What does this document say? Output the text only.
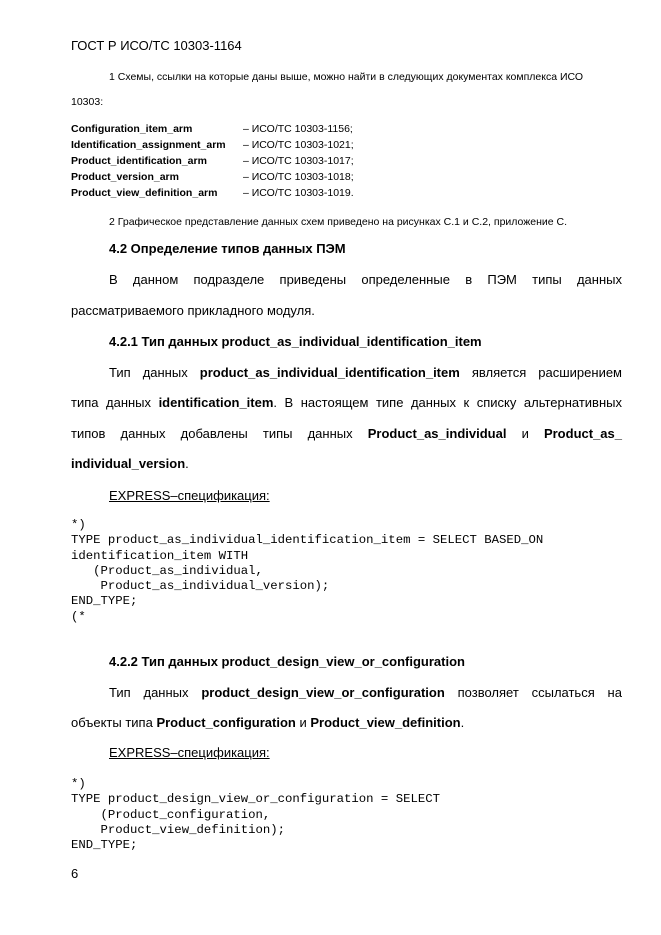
ГОСТ Р ИСО/ТС 10303-1164
1 Схемы, ссылки на которые даны выше, можно найти в следующих документах комплекса ИСО
10303:
Configuration_item_arm	– ИСО/ТС 10303-1156;
Identification_assignment_arm – ИСО/ТС 10303-1021;
Product_identification_arm	– ИСО/ТС 10303-1017;
Product_version_arm	– ИСО/ТС 10303-1018;
Product_view_definition_arm – ИСО/ТС 10303-1019.
2 Графическое представление данных схем приведено на рисунках С.1 и С.2, приложение С.
4.2 Определение типов данных ПЭМ
В данном подразделе приведены определенные в ПЭМ типы данных
рассматриваемого прикладного модуля.
4.2.1 Тип данных product_as_individual_identification_item
Тип данных product_as_individual_identification_item является расширением
типа данных identification_item. В настоящем типе данных к списку альтернативных
типов данных добавлены типы данных Product_as_individual и Product_as_
individual_version.
EXPRESS–спецификация:
*)
TYPE product_as_individual_identification_item = SELECT BASED_ON
identification_item WITH
(Product_as_individual,
Product_as_individual_version);
END_TYPE;
(*
4.2.2 Тип данных product_design_view_or_configuration
Тип данных product_design_view_or_configuration позволяет ссылаться на
объекты типа Product_configuration и Product_view_definition.
EXPRESS–спецификация:
*)
TYPE product_design_view_or_configuration = SELECT
(Product_configuration,
Product_view_definition);
END_TYPE;
6
